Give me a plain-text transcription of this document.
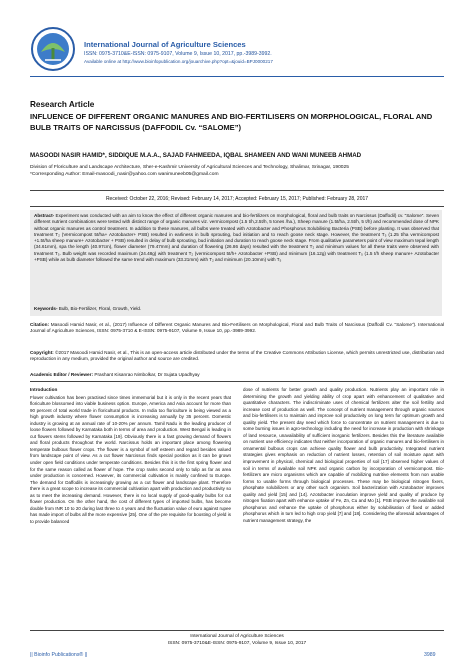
International Journal of Agriculture Sciences
ISSN: 0975-3710&E-ISSN: 0975-9107, Volume 9, Issue 10, 2017, pp.-3989-3992.
Available online at http://www.bioinfopublication.org/jouarchive.php?opt=&jouid=BPJ0000217
Research Article
INFLUENCE OF DIFFERENT ORGANIC MANURES AND BIO-FERTILISERS ON MORPHOLOGICAL, FLORAL AND BULB TRAITS OF NARCISSUS (DAFFODIL Cv. “SALOME”)
MASOODI NASIR HAMID*, SIDDIQUE M.A.A., SAJAD FAHMEEDA, IQBAL SHAMEEN AND WANI MUNEEB AHMAD
Division of Floriculture and Landscape Architecture, Sher-e-Kashmir University of Agricultural Sciences and Technology, Shalimar, Srinagar, 190025
*Corresponding Author: Email-masoodi_nasir@yahoo.com wanimuneeb05@gmail.com
Received: October 22, 2016; Revised: February 14, 2017; Accepted: February 15, 2017; Published: February 28, 2017
Abstract- Experiment was conducted with an aim to know the effect of different organic manures and bio-fertilizers on morphological, floral and bulb traits on Narcissus (Daffodil) cv. “Salome”. Seven different nutrient combinations were tested with distinct range of organic manures viz. vermicompost (1.5 t/h,2.5t/h, 5 tones /ha.), Sheep manure (1.5t/ha, 2.5t/h, 5 t/h) and recommended dose of NPK without organic manures as control treatment. In addition to these manures, all bulbs were treated with Azotobacter and Phosphorus Solubilising Bacteria (PSB) before planting. It was observed that treatment T₂ (Vermicompost 5t/ha+ Azotobacter+ PSB) resulted in earliness in bulb sprouting, bud initiation and to reach goose neck stage. However, the treatment T₅ (1.25 t/ha vermicompost +1.5t/ha sheep manure+ Azotobacter + PSB) resulted in delay of bulb sprouting, bud initiation and duration to reach goose neck stage. From qualitative parameters point of view maximum tepal length (34.61mm), spa the length (40.97cm), flower diameter (79.47mm) and duration of flowering (26.86 days) resulted with the treatment T₂ and minimum values for all these traits were observed with treatment T₅. Bulb weight was recorded maximum (24.48g) with treatment T₂ (vermicompost 5t/h+ Azotobacter +PSB) and minimum (16.12g) with treatment T₅ (1.5 t/h sheep manure+ Azotobacter +PSB) while as bulb diameter followed the same trend with maximum (33.21mm) with T₂ and minimum (20.10mm) with T₅
Keywords- Bulb, Bio-Fertilizer, Floral, Growth, Yield.
Citation: Masoodi Hamid Nasir, et al., (2017) Influence of Different Organic Manures and Bio-Fertilisers on Morphological, Floral and Bulb Traits of Narcissus (Daffodil Cv. “Salome”). International Journal of Agriculture Sciences, ISSN: 0975-3710 & E-ISSN: 0975-9107, Volume 9, Issue 10, pp.-3989-3992.
Copyright: ©2017 Masoodi Hamid Nasir, et al., This is an open-access article distributed under the terms of the Creative Commons Attribution License, which permits unrestricted use, distribution and reproduction in any medium, provided the original author and source are credited.
Academic Editor / Reviewer: Prashant Kisanrao Nimbolkar, Dr Sujata Upadhyay
Introduction
Flower cultivation has been practised since times immemorial but it is only in the recent years that floriculture blossomed into viable business option. Europe, America and Asia account for more than 90 percent of total world trade in floricultural products. In India too floriculture is being viewed as a high growth industry where flower consumption is increasing annually by 35 percent. Domestic industry is growing at an annual rate of 10-20% per annum. Tamil Nadu is the leading producer of loose flowers followed by Karnataka both in terms of area and production. West Bengal is leading in cut flowers stems followed by Karnataka [19]. Obviously there is a fast growing demand of flowers and floral products throughout the world. Narcissus holds an important place among flowering temperate bulbous flower crops. The flower is a symbol of self esteem and regard besides valued from landscape point of view. As a cut flower Narcissus finds special position as it can be grown under open field conditions under temperate conditions. Besides this it is the first spring flower and for the same reason called as flower of hope. The crop ranks second only to tulip as far as area under production is concerned. However, its commercial cultivation is mainly confined to Europe. The demand for Daffodils is increasingly growing as a cut flower and landscape plant. Therefore there is a great scope to increase its commercial cultivation apart with production and productivity so as to meet the increasing demand. However, there is no local supply of good-quality bulbs for cut flower production. On the other hand, the cost of different types of imported bulbs, has become double from INR 10 to 20 during last three to 4 years and the fluctuation value of euro against rupee has made import of bulbs all the more expensive [25]. One of the pre requisite for boosting of yield is to provide balanced
dose of nutrients for better growth and quality production. Nutrients play an important role in determining the growth and yielding ability of crop apart with enhancement of qualitative and quantitative characters. The indiscriminate uses of chemical fertilizers alter the soil fertility and increase cost of production as well. The concept of nutrient management through organic sources and bio-fertilisers is to maintain and improve soil productivity on long term for optimum growth and quality yield. The present day need which force to concentrate on nutrient management is due to some burning issues in agro-technology including the need for increase in production with shrinkage of land resource, unavailability of sufficient inorganic fertilizers. Besides this the literature available on nutrient use efficiency indicates that neither incorporation of organic manures and bio-fertilisers in ornamental bulbous crops can achieve quality flower and bulb productivity. Integrated nutrient strategies gives emphasis on reduction of nutrient losses, retention of soil moisture apart with improvement in physical, chemical and biological properties of soil [17] observed higher values of soil in terms of available soil NPK and organic carbon by incorporation of vermicompost. Bio-fertilizers are micro organisms which are capable of mobilizing nutritive elements from non usable forms to usable forms through biological processes. These may be biological nitrogen fixers, phosphate solubilizers or any other such organism. Soil bacterization with Azotobacter improves quality and yield [15] and [14]. Azotobacter inoculation improve yield and quality of produce by nitrogen fixation apart with enhance uptake of Fe, Zn, Cu and Mo [1]. PSB improve the available soil phosphorus and enhance the uptake of phosphorus either by solubilisation of fixed or added phosphorus which in turn led to high crop yield [7] and [18]. Considering the aforesaid advantages of nutrient management strategy, the
International Journal of Agriculture Sciences
ISSN: 0975-3710&E-ISSN: 0975-9107, Volume 9, Issue 10, 2017
|| Bioinfo Publications® ||	3989
